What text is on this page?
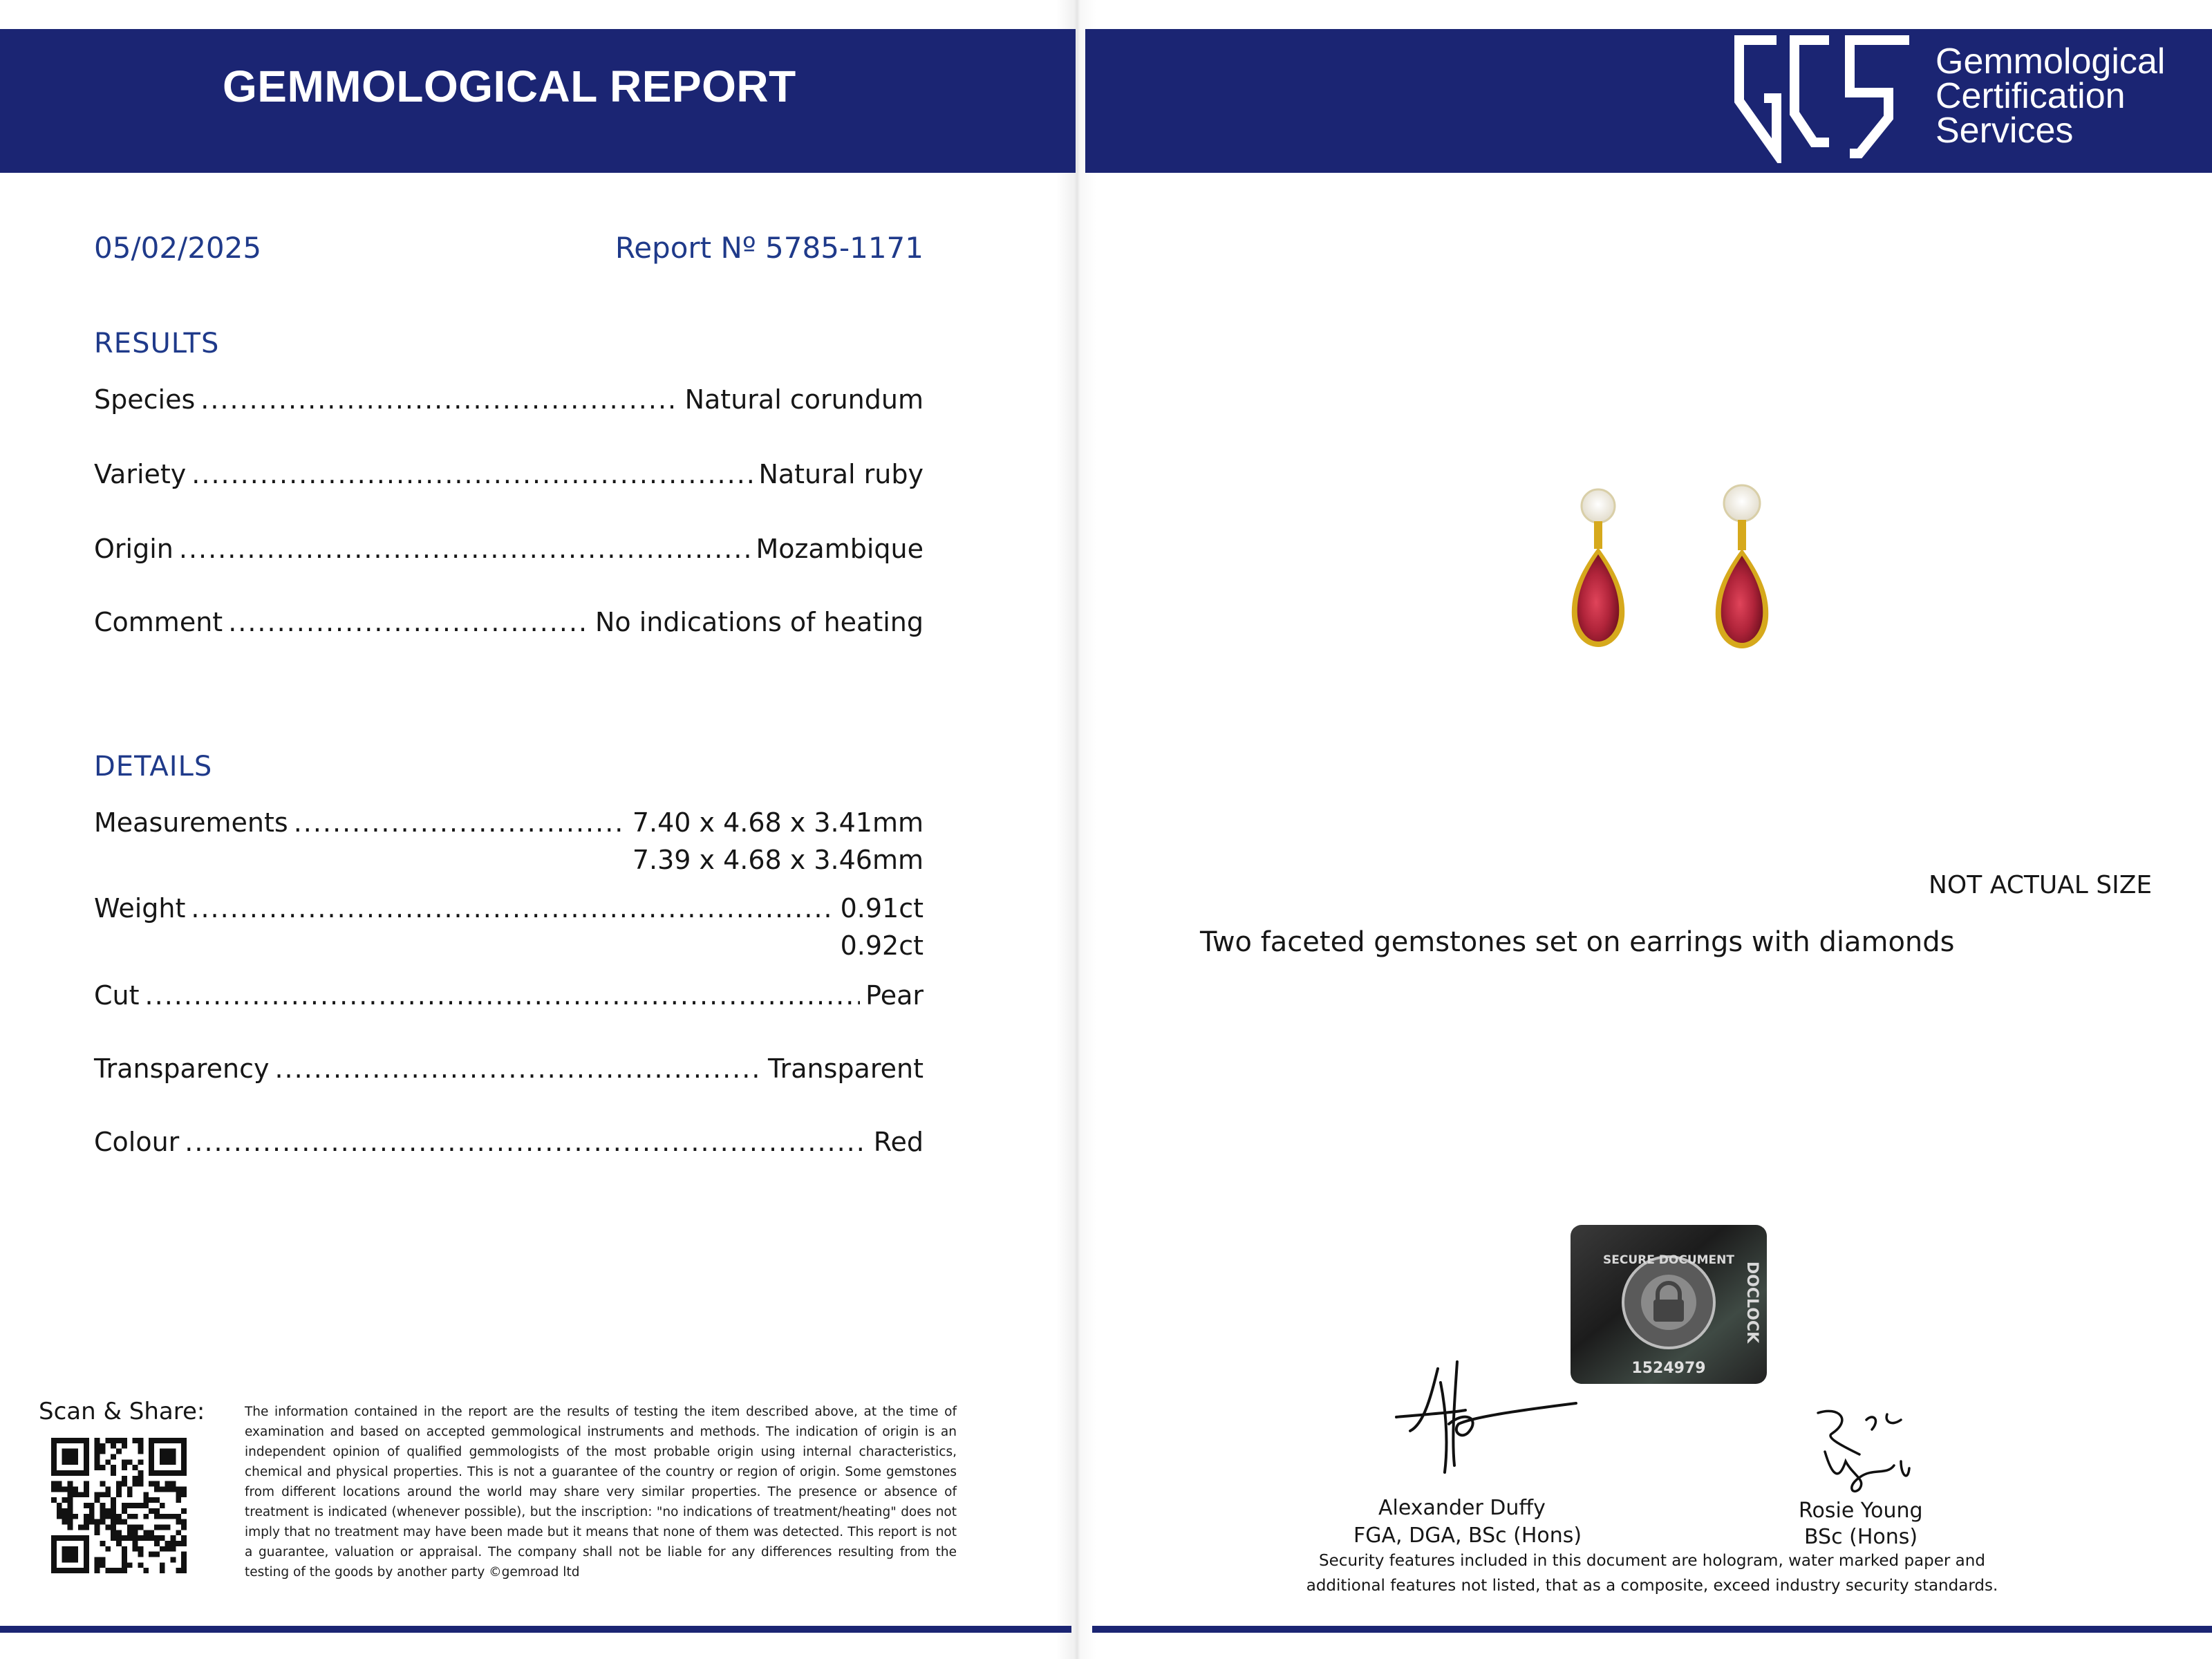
GEMMOLOGICAL REPORT	Gemmological
Certification
Services
05/02/2025	Report Nº 5785-1171
RESULTS
Species .....	Natural corundum
Variety .....	Natural ruby
Origin .....	Mozambique
Comment .....	No indications of heating
DETAILS
Measurements .....	7.40 x 4.68 x 3.41mm
7.39 x 4.68 x 3.46mm
Weight .....	0.91ct
0.92ct
Cut .....	Pear
Transparency .....	Transparent
Colour .....	Red
Scan & Share:	The information contained in the report are the results of testing the item described above, at the time of examination and based on accepted gemmological instruments and methods. The indication of origin is an independent opinion of qualified gemmologists of the most probable origin using internal characteristics, chemical and physical properties. This is not a guarantee of the country or region of origin. Some gemstones from different locations around the world may share very similar properties. The presence or absence of treatment is indicated (whenever possible), but the inscription: "no indications of treatment/heating" does not imply that no treatment may have been made but it means that none of them was detected. This report is not a guarantee, valuation or appraisal. The company shall not be liable for any differences resulting from the testing of the goods by another party ©gemroad ltd
NOT ACTUAL SIZE
Two faceted gemstones set on earrings with diamonds
SECURE DOCUMENT
DOCLOCK
1524979
Alexander Duffy
FGA, DGA, BSc (Hons)
Rosie Young
BSc (Hons)
Security features included in this document are hologram, water marked paper and additional features not listed, that as a composite, exceed industry security standards.
